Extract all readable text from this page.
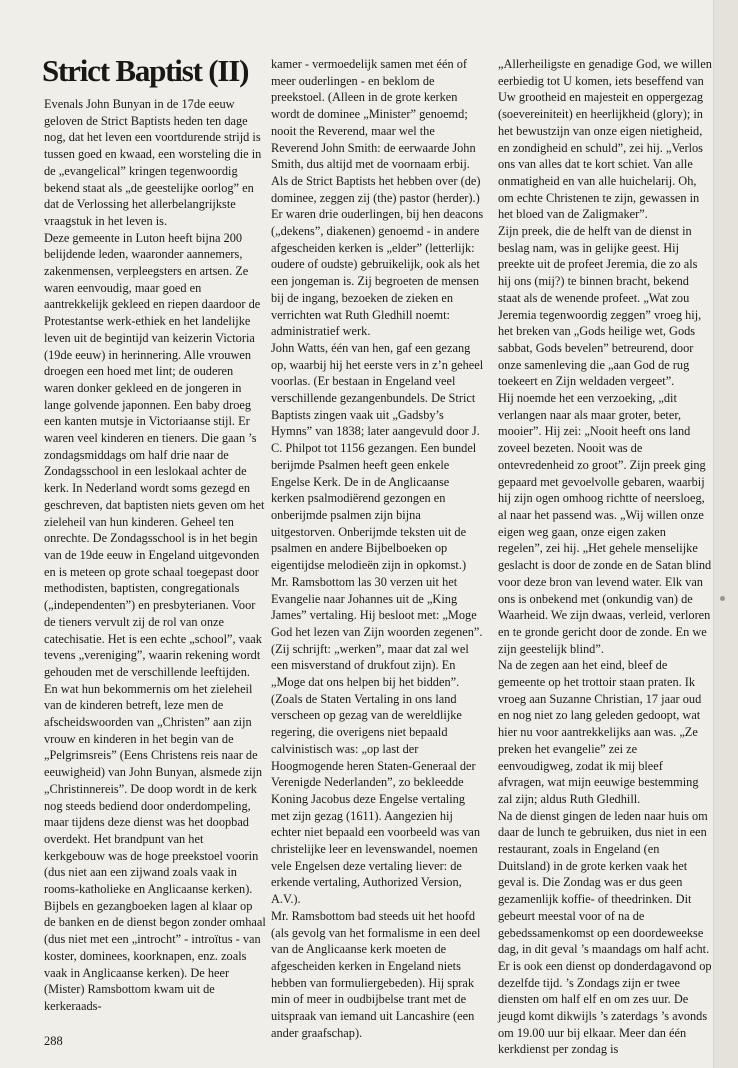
Strict Baptist (II)

Evenals John Bunyan in de 17de eeuw geloven de Strict Baptists heden ten dage nog, dat het leven een voortdurende strijd is tussen goed en kwaad, een worsteling die in de „evangelical” kringen tegenwoordig bekend staat als „de geestelijke oorlog” en dat de Verlossing het allerbelangrijkste vraagstuk in het leven is.

Deze gemeente in Luton heeft bijna 200 belijdende leden, waaronder aannemers, zakenmensen, verpleegsters en artsen. Ze waren eenvoudig, maar goed en aantrekkelijk gekleed en riepen daardoor de Protestantse werk-ethiek en het landelijke leven uit de begintijd van keizerin Victoria (19de eeuw) in herinnering. Alle vrouwen droegen een hoed met lint; de ouderen waren donker gekleed en de jongeren in lange golvende japonnen. Een baby droeg een kanten mutsje in Victoriaanse stijl. Er waren veel kinderen en tieners. Die gaan ’s zondagsmiddags om half drie naar de Zondagsschool in een leslokaal achter de kerk. In Nederland wordt soms gezegd en geschreven, dat baptisten niets geven om het zieleheil van hun kinderen. Geheel ten onrechte. De Zondagsschool is in het begin van de 19de eeuw in Engeland uitgevonden en is meteen op grote schaal toegepast door methodisten, baptisten, congregationals („independenten”) en presbyterianen. Voor de tieners vervult zij de rol van onze catechisatie. Het is een echte „school”, vaak tevens „vereniging”, waarin rekening wordt gehouden met de verschillende leeftijden. En wat hun bekommernis om het zieleheil van de kinderen betreft, leze men de afscheidswoorden van „Christen” aan zijn vrouw en kinderen in het begin van de „Pelgrimsreis” (Eens Christens reis naar de eeuwigheid) van John Bunyan, alsmede zijn „Christinnereis”. De doop wordt in de kerk nog steeds bediend door onderdompeling, maar tijdens deze dienst was het doopbad overdekt. Het brandpunt van het kerkgebouw was de hoge preekstoel voorin (dus niet aan een zijwand zoals vaak in rooms-katholieke en Anglicaanse kerken). Bijbels en gezangboeken lagen al klaar op de banken en de dienst begon zonder omhaal (dus niet met een „introcht” - introïtus - van koster, dominees, koorknapen, enz. zoals vaak in Anglicaanse kerken). De heer (Mister) Ramsbottom kwam uit de kerkeraads-

kamer - vermoedelijk samen met één of meer ouderlingen - en beklom de preekstoel. (Alleen in de grote kerken wordt de dominee „Minister” genoemd; nooit the Reverend, maar wel the Reverend John Smith: de eerwaarde John Smith, dus altijd met de voornaam erbij. Als de Strict Baptists het hebben over (de) dominee, zeggen zij (the) pastor (herder).)

Er waren drie ouderlingen, bij hen deacons („dekens”, diakenen) genoemd - in andere afgescheiden kerken is „elder” (letterlijk: oudere of oudste) gebruikelijk, ook als het een jongeman is. Zij begroeten de mensen bij de ingang, bezoeken de zieken en verrichten wat Ruth Gledhill noemt: administratief werk.

John Watts, één van hen, gaf een gezang op, waarbij hij het eerste vers in z’n geheel voorlas. (Er bestaan in Engeland veel verschillende gezangenbundels. De Strict Baptists zingen vaak uit „Gadsby’s Hymns” van 1838; later aangevuld door J. C. Philpot tot 1156 gezangen. Een bundel berijmde Psalmen heeft geen enkele Engelse Kerk. De in de Anglicaanse kerken psalmodiërend gezongen en onberijmde psalmen zijn bijna uitgestorven. Onberijmde teksten uit de psalmen en andere Bijbelboeken op eigentijdse melodieën zijn in opkomst.) Mr. Ramsbottom las 30 verzen uit het Evangelie naar Johannes uit de „King James” vertaling. Hij besloot met: „Moge God het lezen van Zijn woorden zegenen”. (Zij schrijft: „werken”, maar dat zal wel een misverstand of drukfout zijn). En „Moge dat ons helpen bij het bidden”. (Zoals de Staten Vertaling in ons land verscheen op gezag van de wereldlijke regering, die overigens niet bepaald calvinistisch was: „op last der Hoogmogende heren Staten-Generaal der Verenigde Nederlanden”, zo bekleedde Koning Jacobus deze Engelse vertaling met zijn gezag (1611). Aangezien hij echter niet bepaald een voorbeeld was van christelijke leer en levenswandel, noemen vele Engelsen deze vertaling liever: de erkende vertaling, Authorized Version, A.V.).

Mr. Ramsbottom bad steeds uit het hoofd (als gevolg van het formalisme in een deel van de Anglicaanse kerk moeten de afgescheiden kerken in Engeland niets hebben van formuliergebeden). Hij sprak min of meer in oudbijbelse trant met de uitspraak van iemand uit Lancashire (een ander graafschap).

„Allerheiligste en genadige God, we willen eerbiedig tot U komen, iets beseffend van Uw grootheid en majesteit en oppergezag (soevereiniteit) en heerlijkheid (glory); in het bewustzijn van onze eigen nietigheid, en zondigheid en schuld”, zei hij. „Verlos ons van alles dat te kort schiet. Van alle onmatigheid en van alle huichelarij. Oh, om echte Christenen te zijn, gewassen in het bloed van de Zaligmaker”.

Zijn preek, die de helft van de dienst in beslag nam, was in gelijke geest. Hij preekte uit de profeet Jeremia, die zo als hij ons (mij?) te binnen bracht, bekend staat als de wenende profeet. „Wat zou Jeremia tegenwoordig zeggen” vroeg hij, het breken van „Gods heilige wet, Gods sabbat, Gods bevelen” betreurend, door onze samenleving die „aan God de rug toekeert en Zijn weldaden vergeet”.

Hij noemde het een verzoeking, „dit verlangen naar als maar groter, beter, mooier”. Hij zei: „Nooit heeft ons land zoveel bezeten. Nooit was de ontevredenheid zo groot”. Zijn preek ging gepaard met gevoelvolle gebaren, waarbij hij zijn ogen omhoog richtte of neersloeg, al naar het passend was. „Wij willen onze eigen weg gaan, onze eigen zaken regelen”, zei hij. „Het gehele menselijke geslacht is door de zonde en de Satan blind voor deze bron van levend water. Elk van ons is onbekend met (onkundig van) de Waarheid. We zijn dwaas, verleid, verloren en te gronde gericht door de zonde. En we zijn geestelijk blind”.

Na de zegen aan het eind, bleef de gemeente op het trottoir staan praten. Ik vroeg aan Suzanne Christian, 17 jaar oud en nog niet zo lang geleden gedoopt, wat hier nu voor aantrekkelijks aan was. „Ze preken het evangelie” zei ze eenvoudigweg, zodat ik mij bleef afvragen, wat mijn eeuwige bestemming zal zijn; aldus Ruth Gledhill.

Na de dienst gingen de leden naar huis om daar de lunch te gebruiken, dus niet in een restaurant, zoals in Engeland (en Duitsland) in de grote kerken vaak het geval is. Die Zondag was er dus geen gezamenlijk koffie- of theedrinken. Dit gebeurt meestal voor of na de gebedssamenkomst op een doordeweekse dag, in dit geval ’s maandags om half acht. Er is ook een dienst op donderdagavond op dezelfde tijd. ’s Zondags zijn er twee diensten om half elf en om zes uur. De jeugd komt dikwijls ’s zaterdags ’s avonds om 19.00 uur bij elkaar. Meer dan één kerkdienst per zondag is

288
